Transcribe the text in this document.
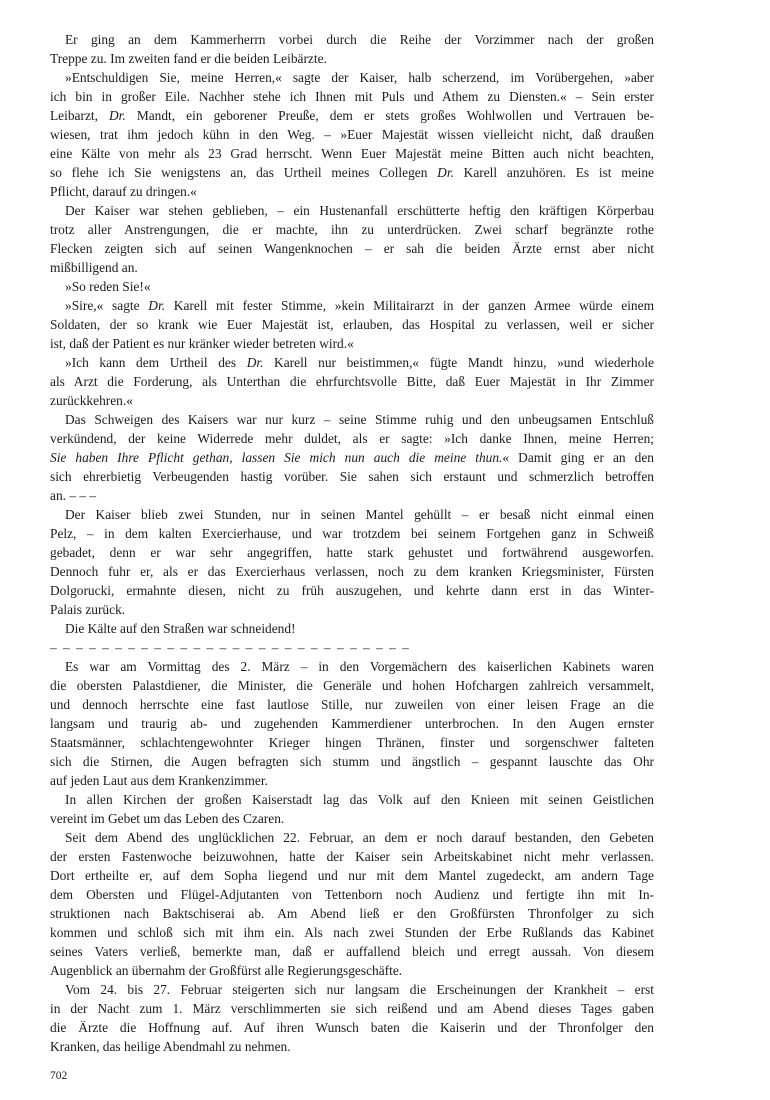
Er ging an dem Kammerherrn vorbei durch die Reihe der Vorzimmer nach der großen
Treppe zu. Im zweiten fand er die beiden Leibärzte.
»Entschuldigen Sie, meine Herren,« sagte der Kaiser, halb scherzend, im Vorübergehen, »aber
ich bin in großer Eile. Nachher stehe ich Ihnen mit Puls und Athem zu Diensten.« – Sein erster
Leibarzt, Dr. Mandt, ein geborener Preuße, dem er stets großes Wohlwollen und Vertrauen be-
wiesen, trat ihm jedoch kühn in den Weg. – »Euer Majestät wissen vielleicht nicht, daß draußen
eine Kälte von mehr als 23 Grad herrscht. Wenn Euer Majestät meine Bitten auch nicht beachten,
so flehe ich Sie wenigstens an, das Urtheil meines Collegen Dr. Karell anzuhören. Es ist meine
Pflicht, darauf zu dringen.«
Der Kaiser war stehen geblieben, – ein Hustenanfall erschütterte heftig den kräftigen Körperbau
trotz aller Anstrengungen, die er machte, ihn zu unterdrücken. Zwei scharf begränzte rothe
Flecken zeigten sich auf seinen Wangenknochen – er sah die beiden Ärzte ernst aber nicht
mißbilligend an.
»So reden Sie!«
»Sire,« sagte Dr. Karell mit fester Stimme, »kein Militairarzt in der ganzen Armee würde einem
Soldaten, der so krank wie Euer Majestät ist, erlauben, das Hospital zu verlassen, weil er sicher
ist, daß der Patient es nur kränker wieder betreten wird.«
»Ich kann dem Urtheil des Dr. Karell nur beistimmen,« fügte Mandt hinzu, »und wiederhole
als Arzt die Forderung, als Unterthan die ehrfurchtsvolle Bitte, daß Euer Majestät in Ihr Zimmer
zurückkehren.«
Das Schweigen des Kaisers war nur kurz – seine Stimme ruhig und den unbeugsamen Entschluß
verkündend, der keine Widerrede mehr duldet, als er sagte: »Ich danke Ihnen, meine Herren;
Sie haben Ihre Pflicht gethan, lassen Sie mich nun auch die meine thun.« Damit ging er an den
sich ehrerbietig Verbeugenden hastig vorüber. Sie sahen sich erstaunt und schmerzlich betroffen
an. – – –
Der Kaiser blieb zwei Stunden, nur in seinen Mantel gehüllt – er besaß nicht einmal einen
Pelz, – in dem kalten Exercierhause, und war trotzdem bei seinem Fortgehen ganz in Schweiß
gebadet, denn er war sehr angegriffen, hatte stark gehustet und fortwährend ausgeworfen.
Dennoch fuhr er, als er das Exercierhaus verlassen, noch zu dem kranken Kriegsminister, Fürsten
Dolgorucki, ermahnte diesen, nicht zu früh auszugehen, und kehrte dann erst in das Winter-
Palais zurück.
Die Kälte auf den Straßen war schneidend!
– – – – – – – – – – – – – – – – – – – – – – – – – – – –
Es war am Vormittag des 2. März – in den Vorgemächern des kaiserlichen Kabinets waren
die obersten Palastdiener, die Minister, die Generäle und hohen Hofchargen zahlreich versammelt,
und dennoch herrschte eine fast lautlose Stille, nur zuweilen von einer leisen Frage an die
langsam und traurig ab- und zugehenden Kammerdiener unterbrochen. In den Augen ernster
Staatsmänner, schlachtengewohnter Krieger hingen Thränen, finster und sorgenschwer falteten
sich die Stirnen, die Augen befragten sich stumm und ängstlich – gespannt lauschte das Ohr
auf jeden Laut aus dem Krankenzimmer.
In allen Kirchen der großen Kaiserstadt lag das Volk auf den Knieen mit seinen Geistlichen
vereint im Gebet um das Leben des Czaren.
Seit dem Abend des unglücklichen 22. Februar, an dem er noch darauf bestanden, den Gebeten
der ersten Fastenwoche beizuwohnen, hatte der Kaiser sein Arbeitskabinet nicht mehr verlassen.
Dort ertheilte er, auf dem Sopha liegend und nur mit dem Mantel zugedeckt, am andern Tage
dem Obersten und Flügel-Adjutanten von Tettenborn noch Audienz und fertigte ihn mit In-
struktionen nach Baktschiserai ab. Am Abend ließ er den Großfürsten Thronfolger zu sich
kommen und schloß sich mit ihm ein. Als nach zwei Stunden der Erbe Rußlands das Kabinet
seines Vaters verließ, bemerkte man, daß er auffallend bleich und erregt aussah. Von diesem
Augenblick an übernahm der Großfürst alle Regierungsgeschäfte.
Vom 24. bis 27. Februar steigerten sich nur langsam die Erscheinungen der Krankheit – erst
in der Nacht zum 1. März verschlimmerten sie sich reißend und am Abend dieses Tages gaben
die Ärzte die Hoffnung auf. Auf ihren Wunsch baten die Kaiserin und der Thronfolger den
Kranken, das heilige Abendmahl zu nehmen.
702
